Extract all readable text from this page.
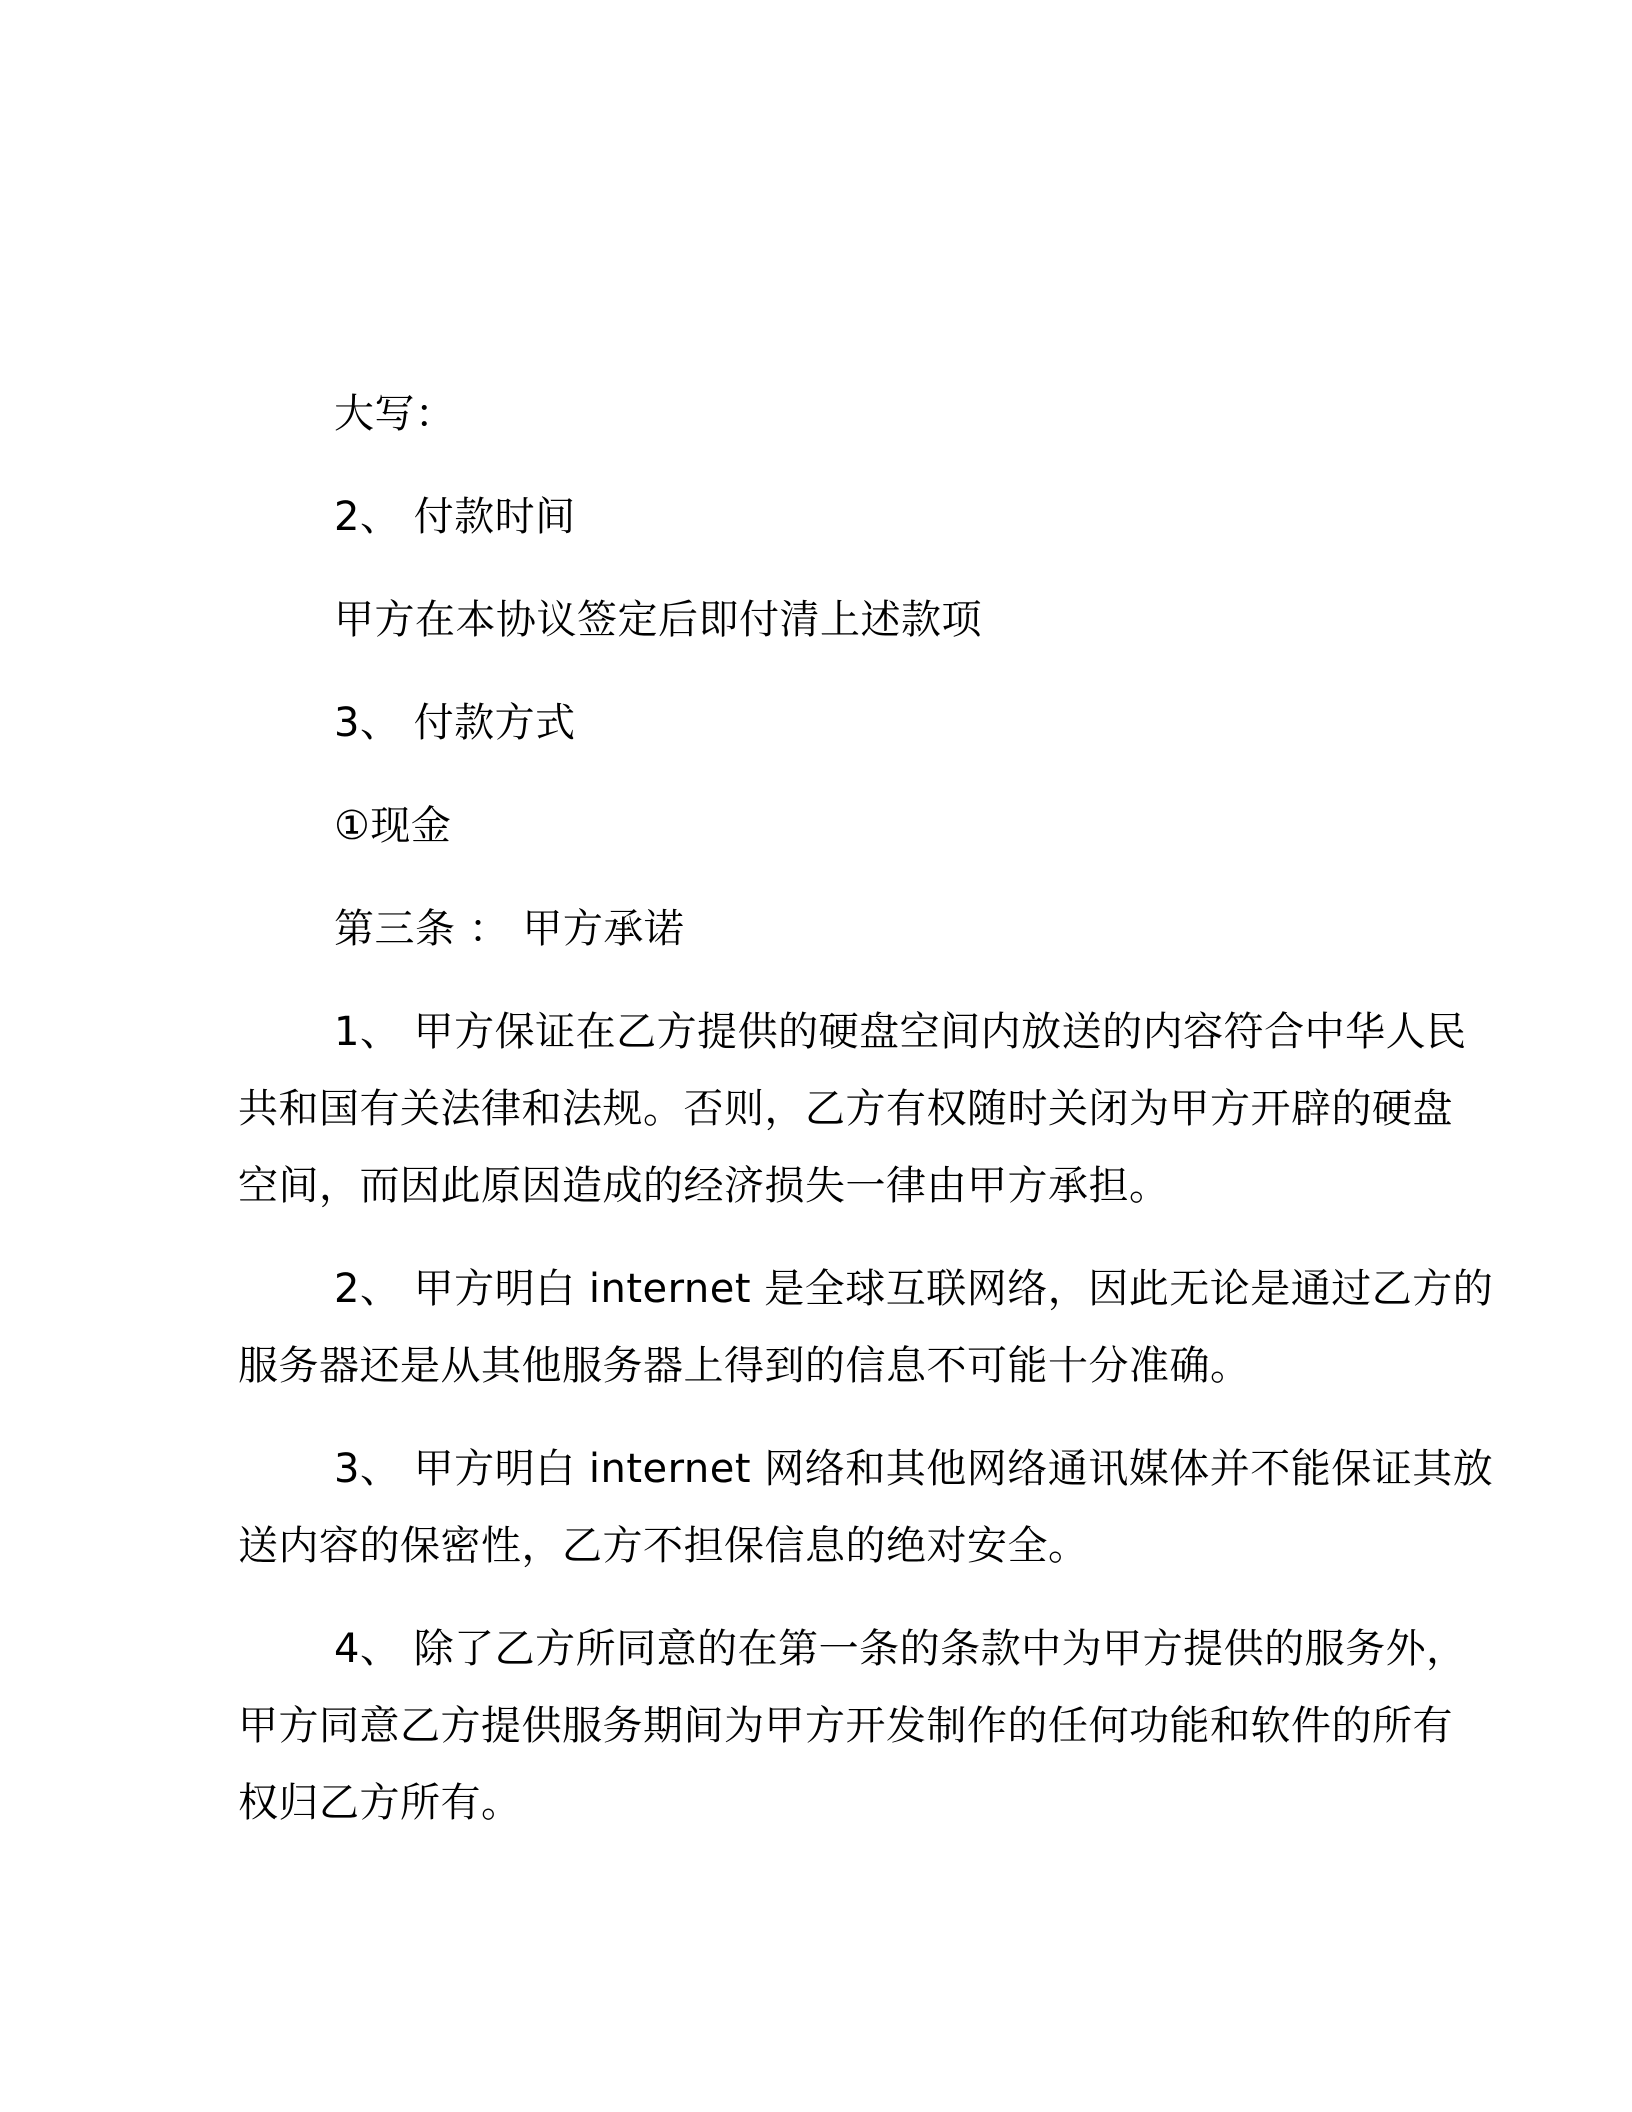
大写：
2、 付款时间
甲方在本协议签定后即付清上述款项
3、 付款方式
①现金
第三条 ： 甲方承诺
1、 甲方保证在乙方提供的硬盘空间内放送的内容符合中华人民
共和国有关法律和法规。否则，乙方有权随时关闭为甲方开辟的硬盘
空间，而因此原因造成的经济损失一律由甲方承担。
2、 甲方明白 internet 是全球互联网络，因此无论是通过乙方的
服务器还是从其他服务器上得到的信息不可能十分准确。
3、 甲方明白 internet 网络和其他网络通讯媒体并不能保证其放
送内容的保密性，乙方不担保信息的绝对安全。
4、 除了乙方所同意的在第一条的条款中为甲方提供的服务外，
甲方同意乙方提供服务期间为甲方开发制作的任何功能和软件的所有
权归乙方所有。
